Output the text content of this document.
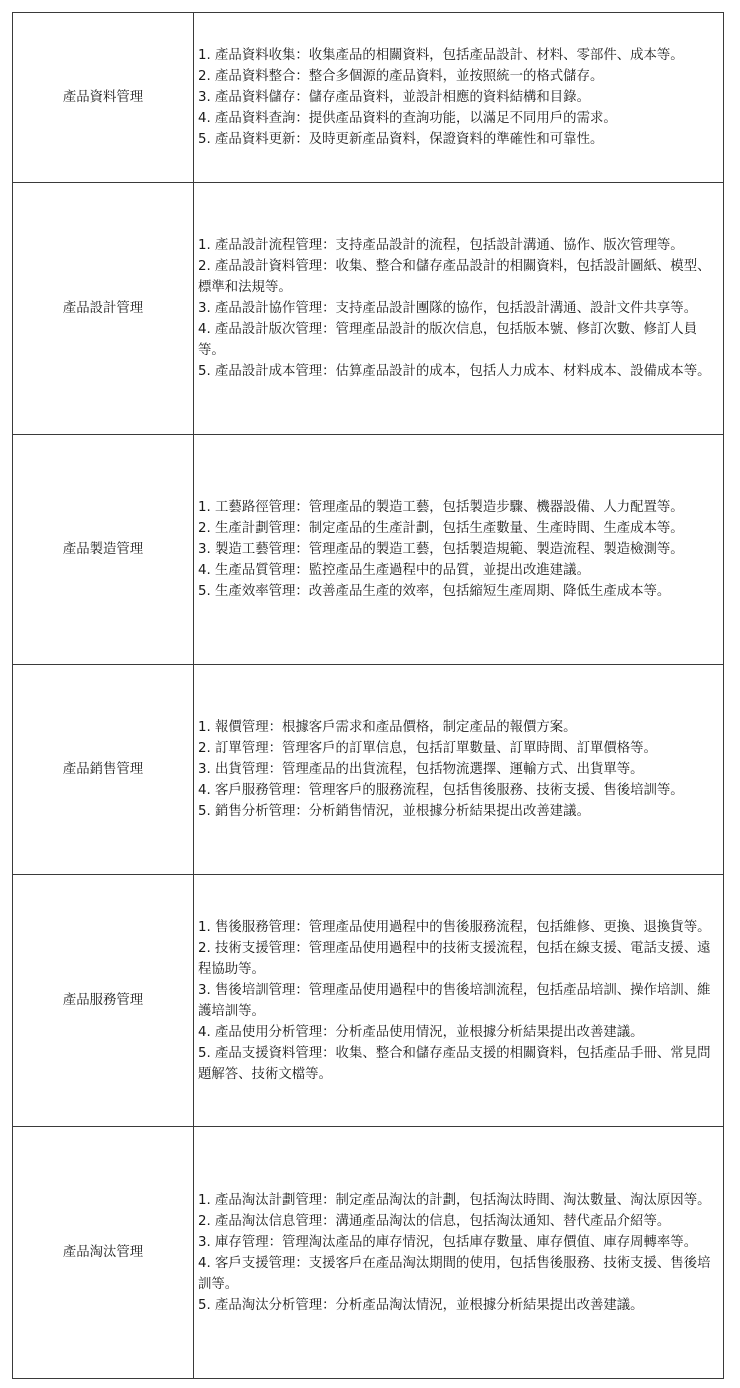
產品資料管理	1. 產品資料收集：收集產品的相關資料，包括產品設計、材料、零部件、成本等。
2. 產品資料整合：整合多個源的產品資料，並按照統一的格式儲存。
3. 產品資料儲存：儲存產品資料，並設計相應的資料結構和目錄。
4. 產品資料查詢：提供產品資料的查詢功能，以滿足不同用戶的需求。
5. 產品資料更新：及時更新產品資料，保證資料的準確性和可靠性。

產品設計管理	1. 產品設計流程管理：支持產品設計的流程，包括設計溝通、協作、版次管理等。
2. 產品設計資料管理：收集、整合和儲存產品設計的相關資料，包括設計圖紙、模型、標準和法規等。
3. 產品設計協作管理：支持產品設計團隊的協作，包括設計溝通、設計文件共享等。
4. 產品設計版次管理：管理產品設計的版次信息，包括版本號、修訂次數、修訂人員等。
5. 產品設計成本管理：估算產品設計的成本，包括人力成本、材料成本、設備成本等。

產品製造管理	1. 工藝路徑管理：管理產品的製造工藝，包括製造步驟、機器設備、人力配置等。
2. 生產計劃管理：制定產品的生產計劃，包括生產數量、生產時間、生產成本等。
3. 製造工藝管理：管理產品的製造工藝，包括製造規範、製造流程、製造檢測等。
4. 生產品質管理：監控產品生產過程中的品質，並提出改進建議。
5. 生產效率管理：改善產品生產的效率，包括縮短生產周期、降低生產成本等。

產品銷售管理	1. 報價管理：根據客戶需求和產品價格，制定產品的報價方案。
2. 訂單管理：管理客戶的訂單信息，包括訂單數量、訂單時間、訂單價格等。
3. 出貨管理：管理產品的出貨流程，包括物流選擇、運輸方式、出貨單等。
4. 客戶服務管理：管理客戶的服務流程，包括售後服務、技術支援、售後培訓等。
5. 銷售分析管理：分析銷售情況，並根據分析結果提出改善建議。

產品服務管理	1. 售後服務管理：管理產品使用過程中的售後服務流程，包括維修、更換、退換貨等。
2. 技術支援管理：管理產品使用過程中的技術支援流程，包括在線支援、電話支援、遠程協助等。
3. 售後培訓管理：管理產品使用過程中的售後培訓流程，包括產品培訓、操作培訓、維護培訓等。
4. 產品使用分析管理：分析產品使用情況，並根據分析結果提出改善建議。
5. 產品支援資料管理：收集、整合和儲存產品支援的相關資料，包括產品手冊、常見問題解答、技術文檔等。

產品淘汰管理	1. 產品淘汰計劃管理：制定產品淘汰的計劃，包括淘汰時間、淘汰數量、淘汰原因等。
2. 產品淘汰信息管理：溝通產品淘汰的信息，包括淘汰通知、替代產品介紹等。
3. 庫存管理：管理淘汰產品的庫存情況，包括庫存數量、庫存價值、庫存周轉率等。
4. 客戶支援管理：支援客戶在產品淘汰期間的使用，包括售後服務、技術支援、售後培訓等。
5. 產品淘汰分析管理：分析產品淘汰情況，並根據分析結果提出改善建議。
